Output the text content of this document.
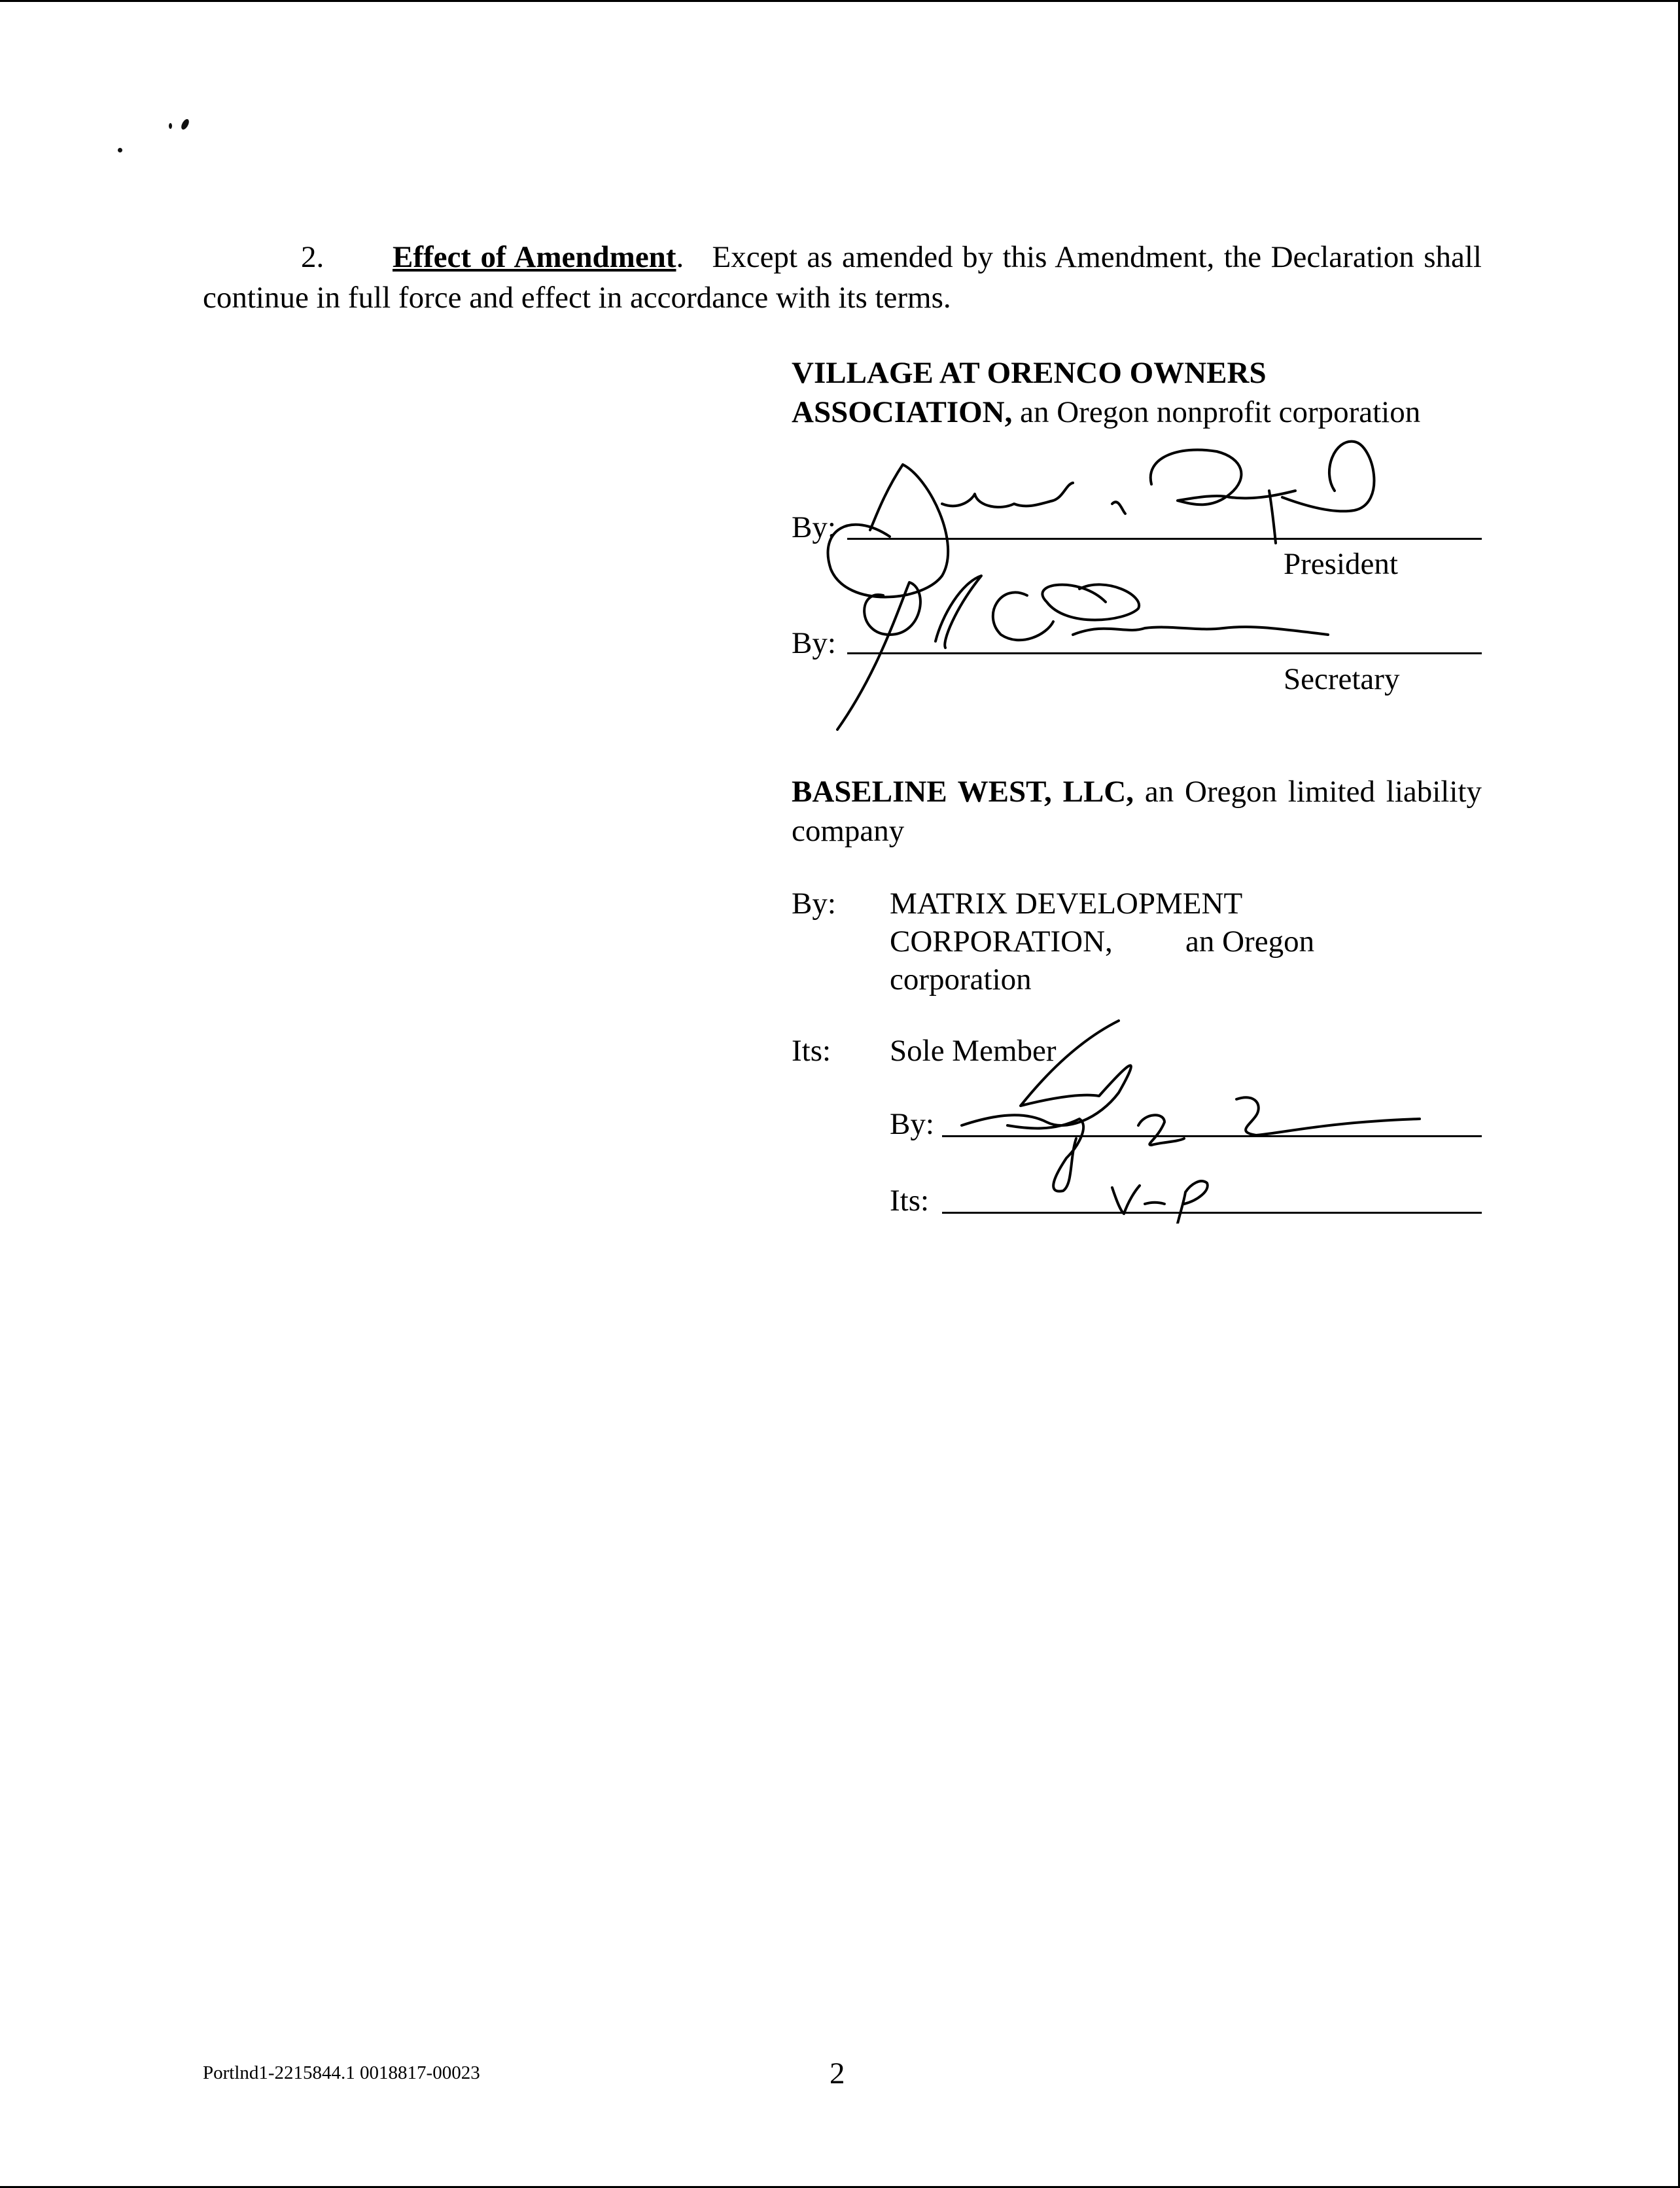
2. Effect of Amendment. Except as amended by this Amendment, the Declaration shall continue in full force and effect in accordance with its terms.
VILLAGE AT ORENCO OWNERS
ASSOCIATION, an Oregon nonprofit corporation
By:
President
By:
Secretary
BASELINE WEST, LLC, an Oregon limited liability company
By: MATRIX DEVELOPMENT
CORPORATION, an Oregon
corporation
Its: Sole Member
By:
Its:
Portlnd1-2215844.1 0018817-00023	2
